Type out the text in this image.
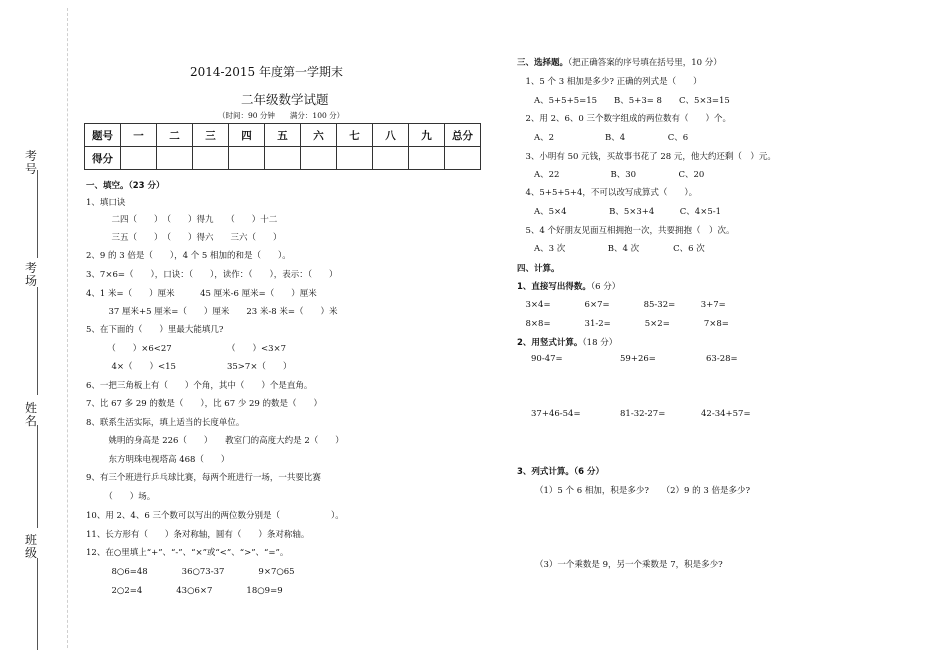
考
号
考
场
姓
名
班
级
2014-2015 年度第一学期末
二年级数学试题
（时间：90 分钟　　满分：100 分）
题号	一	二	三	四	五	六	七	八	九	总分
得分										
一、填空。（23 分）
1、填口诀
　二四（　　）　（　　）得九　　（　　）十二
　三五（　　）　（　　）得六　　三六（　　）
2、9 的 3 倍是（　　），4 个 5 相加的和是（　　）。
3、7×6=（　　），口诀：（　　），读作：（　　），表示：（　　）
4、1 米=（　　）厘米　　　45 厘米-6 厘米=（　　）厘米
　37 厘米+5 厘米=（　　）厘米　　23 米-8 米=（　　）米
5、在下面的（　　）里最大能填几?
　（　　）×6<27　　　　　　　（　　）<3×7
　4×（　　）<15　　　　　　35>7×（　　）
6、一把三角板上有（　　）个角，其中（　　）个是直角。
7、比 67 多 29 的数是（　　），比 67 少 29 的数是（　　）
8、联系生活实际，填上适当的长度单位。
　姚明的身高是 226（　　）　　教室门的高度大约是 2（　　）
　东方明珠电视塔高 468（　　）
9、有三个班进行乒乓球比赛，每两个班进行一场，一共要比赛
　（　　）场。
10、用 2、4、6 三个数可以写出的两位数分别是（　　　　　　）。
11、长方形有（　　）条对称轴，圆有（　　）条对称轴。
12、在○里填上“+”、“-”、“×”或“<”、“>”、“=”。
　8○6=48　　　　36○73-37　　　　9×7○65
　2○2=4　　　　43○6×7　　　　18○9=9
三、选择题。（把正确答案的序号填在括号里，10 分）
　1、5 个 3 相加是多少? 正确的列式是（　　）
　　A、5+5+5=15　　B、5+3= 8　　C、5×3=15
　2、用 2、6、0 三个数字组成的两位数有（　　）个。
　　A、2　　　　　　B、4　　　　　C、6
　3、小明有 50 元钱，买故事书花了 28 元，他大约还剩（　）元。
　　A、22　　　　　　B、30　　　　　C、20
　4、5+5+5+4，不可以改写成算式（　　）。
　　A、5×4　　　　　B、5×3+4　　　C、4×5-1
　5、4 个好朋友见面互相拥抱一次，共要拥抱（　）次。
　　A、3 次　　　　　B、4 次　　　　C、6 次
四、计算。
1、直接写出得数。（6 分）
　3×4=　　　　6×7=　　　　85-32=　　　3+7=
　8×8=　　　　31-2=　　　　5×2=　　　　7×8=
2、用竖式计算。（18 分）
90-47=	59+26=	63-28=
37+46-54=	81-32-27=	42-34+57=
3、列式计算。（6 分）
（1）5 个 6 相加，积是多少?　　（2）9 的 3 倍是多少?
（3）一个乘数是 9，另一个乘数是 7，积是多少?
